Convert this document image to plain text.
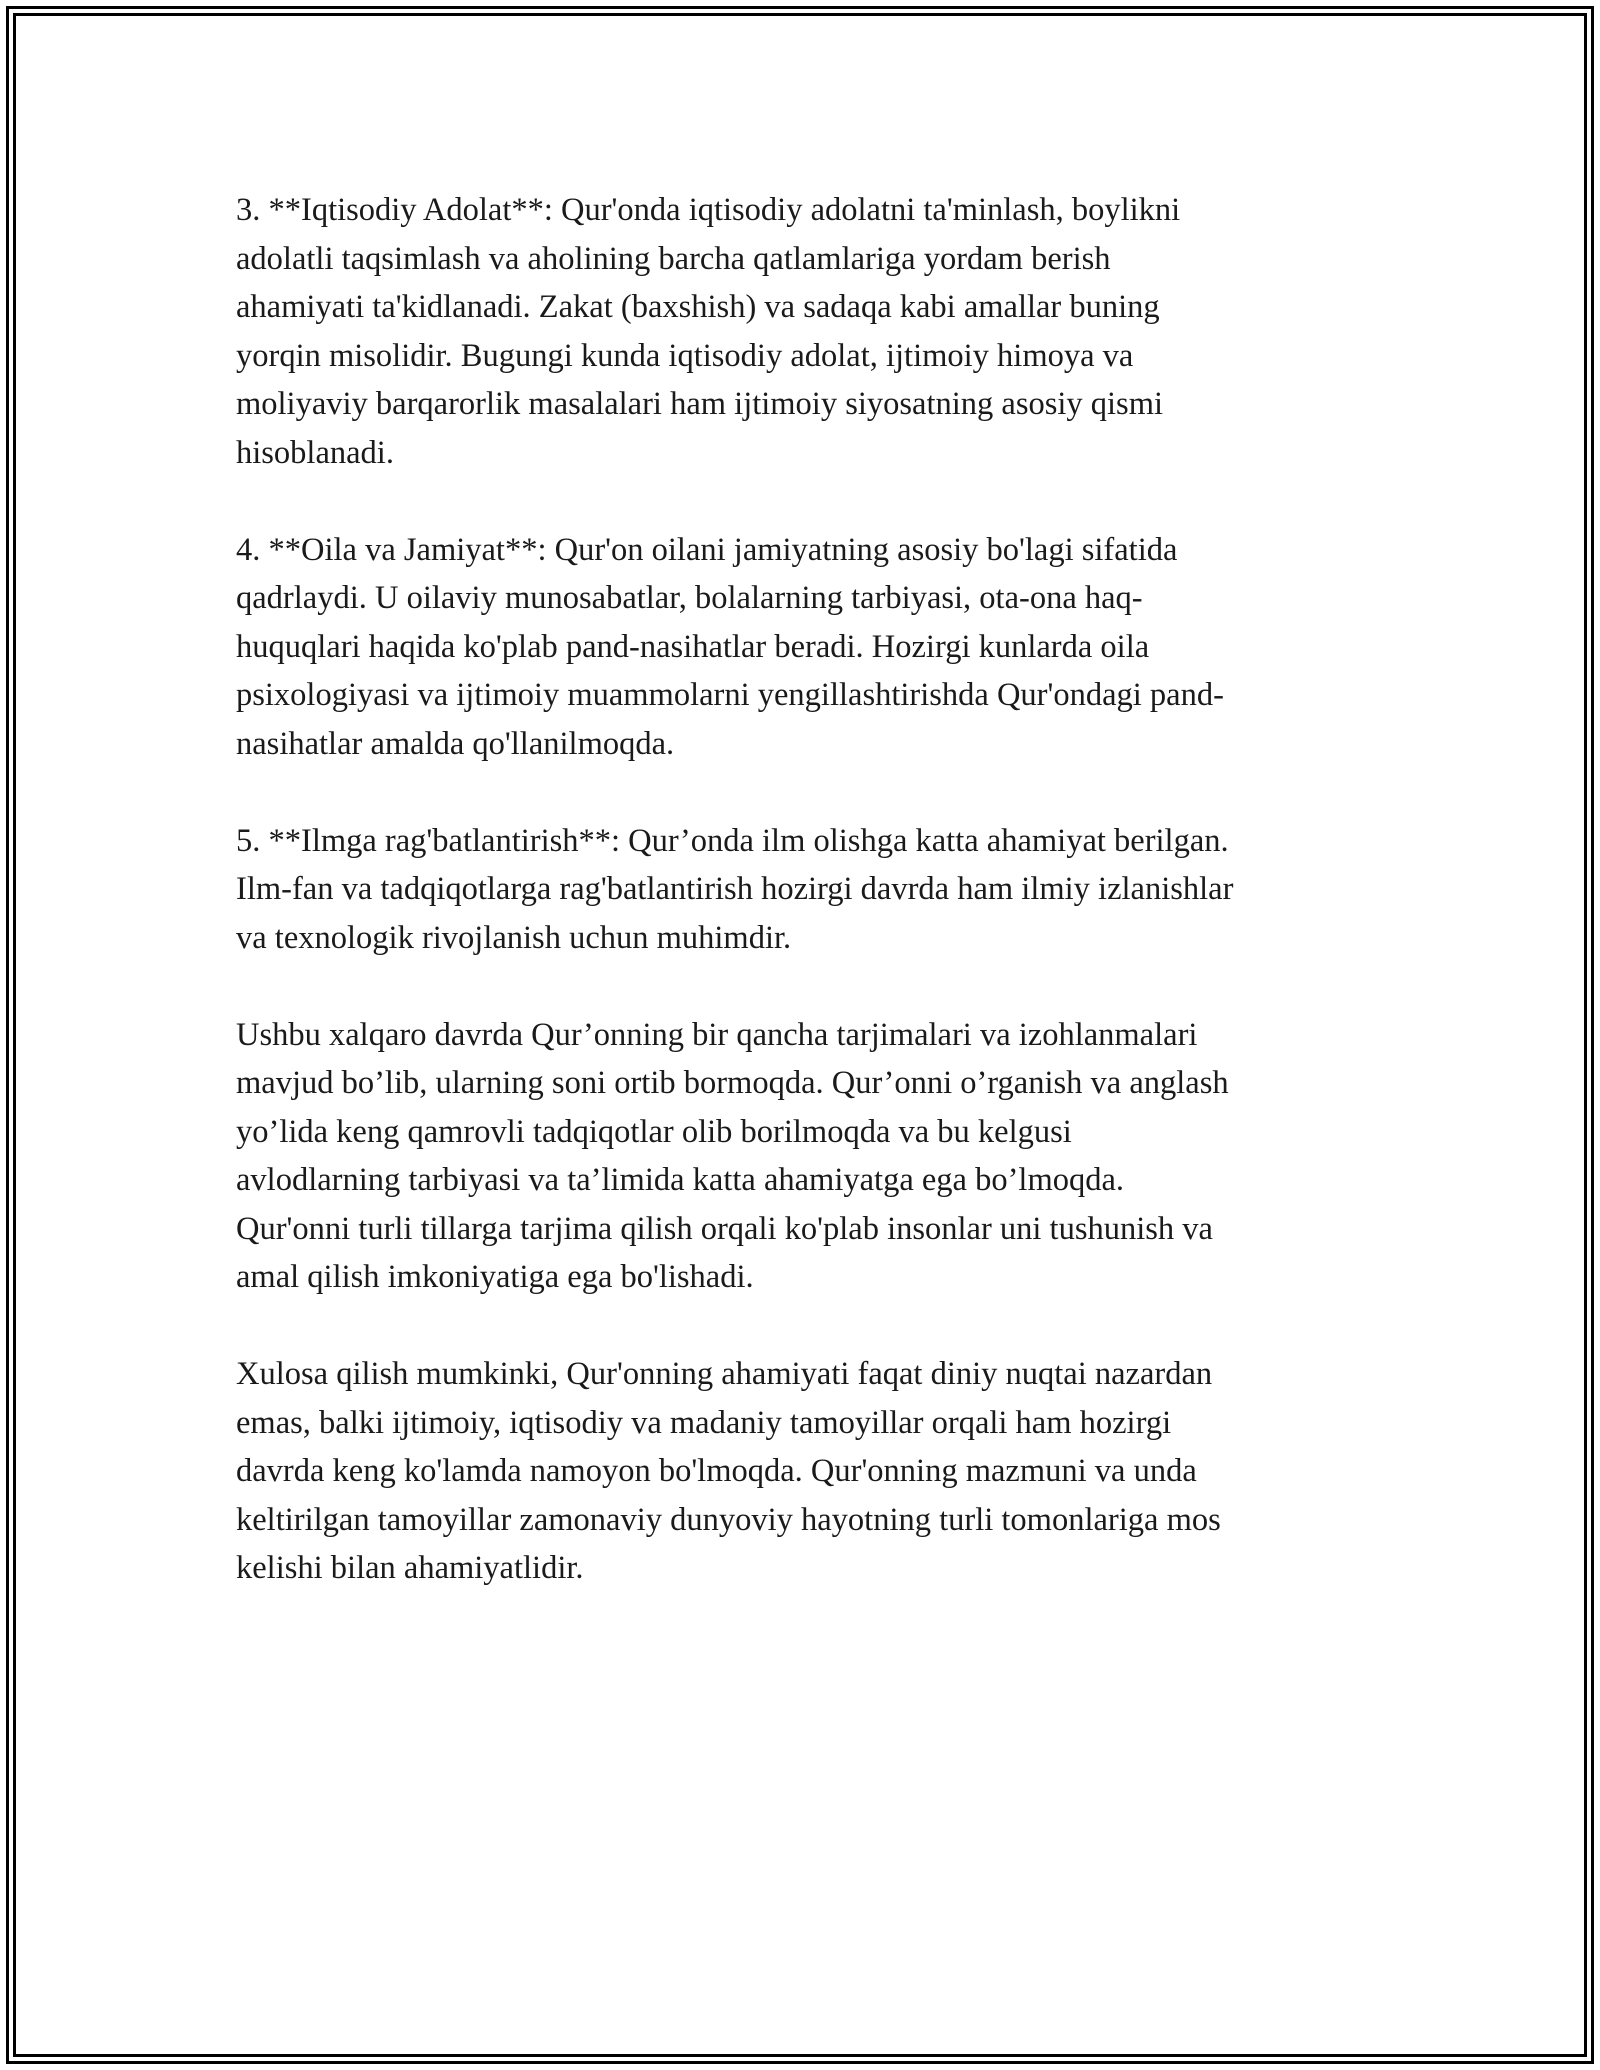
3. **Iqtisodiy Adolat**: Qur'onda iqtisodiy adolatni ta'minlash, boylikni
adolatli taqsimlash va aholining barcha qatlamlariga yordam berish
ahamiyati ta'kidlanadi. Zakat (baxshish) va sadaqa kabi amallar buning
yorqin misolidir. Bugungi kunda iqtisodiy adolat, ijtimoiy himoya va
moliyaviy barqarorlik masalalari ham ijtimoiy siyosatning asosiy qismi
hisoblanadi.

4. **Oila va Jamiyat**: Qur'on oilani jamiyatning asosiy bo'lagi sifatida
qadrlaydi. U oilaviy munosabatlar, bolalarning tarbiyasi, ota-ona haq-
huquqlari haqida ko'plab pand-nasihatlar beradi. Hozirgi kunlarda oila
psixologiyasi va ijtimoiy muammolarni yengillashtirishda Qur'ondagi pand-
nasihatlar amalda qo'llanilmoqda.

5. **Ilmga rag'batlantirish**: Qur’onda ilm olishga katta ahamiyat berilgan.
Ilm-fan va tadqiqotlarga rag'batlantirish hozirgi davrda ham ilmiy izlanishlar
va texnologik rivojlanish uchun muhimdir.

Ushbu xalqaro davrda Qur’onning bir qancha tarjimalari va izohlanmalari
mavjud bo’lib, ularning soni ortib bormoqda. Qur’onni o’rganish va anglash
yo’lida keng qamrovli tadqiqotlar olib borilmoqda va bu kelgusi
avlodlarning tarbiyasi va ta’limida katta ahamiyatga ega bo’lmoqda.
Qur'onni turli tillarga tarjima qilish orqali ko'plab insonlar uni tushunish va
amal qilish imkoniyatiga ega bo'lishadi.

Xulosa qilish mumkinki, Qur'onning ahamiyati faqat diniy nuqtai nazardan
emas, balki ijtimoiy, iqtisodiy va madaniy tamoyillar orqali ham hozirgi
davrda keng ko'lamda namoyon bo'lmoqda. Qur'onning mazmuni va unda
keltirilgan tamoyillar zamonaviy dunyoviy hayotning turli tomonlariga mos
kelishi bilan ahamiyatlidir.
